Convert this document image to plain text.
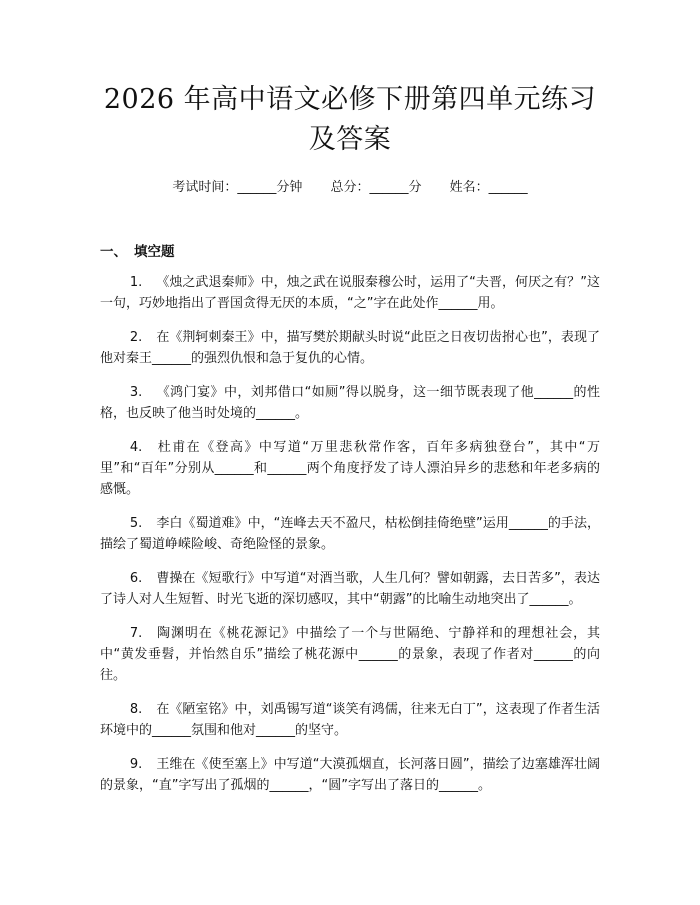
2026 年高中语文必修下册第四单元练习及答案
考试时间：______分钟 总分：______分 姓名：______
一、 填空题

1. 《烛之武退秦师》中，烛之武在说服秦穆公时，运用了“夫晋，何厌之有？”这一句，巧妙地指出了晋国贪得无厌的本质，“之”字在此处作______用。

2. 在《荆轲刺秦王》中，描写樊於期献头时说“此臣之日夜切齿拊心也”，表现了他对秦王______的强烈仇恨和急于复仇的心情。

3. 《鸿门宴》中，刘邦借口“如厕”得以脱身，这一细节既表现了他______的性格，也反映了他当时处境的______。

4. 杜甫在《登高》中写道“万里悲秋常作客，百年多病独登台”，其中“万里”和“百年”分别从______和______两个角度抒发了诗人漂泊异乡的悲愁和年老多病的感慨。

5. 李白《蜀道难》中，“连峰去天不盈尺，枯松倒挂倚绝壁”运用______的手法，描绘了蜀道峥嵘险峻、奇绝险怪的景象。

6. 曹操在《短歌行》中写道“对酒当歌，人生几何？譬如朝露，去日苦多”，表达了诗人对人生短暂、时光飞逝的深切感叹，其中“朝露”的比喻生动地突出了______。

7. 陶渊明在《桃花源记》中描绘了一个与世隔绝、宁静祥和的理想社会，其中“黄发垂髫，并怡然自乐”描绘了桃花源中______的景象，表现了作者对______的向往。

8. 在《陋室铭》中，刘禹锡写道“谈笑有鸿儒，往来无白丁”，这表现了作者生活环境中的______氛围和他对______的坚守。

9. 王维在《使至塞上》中写道“大漠孤烟直，长河落日圆”，描绘了边塞雄浑壮阔的景象，“直”字写出了孤烟的______，“圆”字写出了落日的______。
